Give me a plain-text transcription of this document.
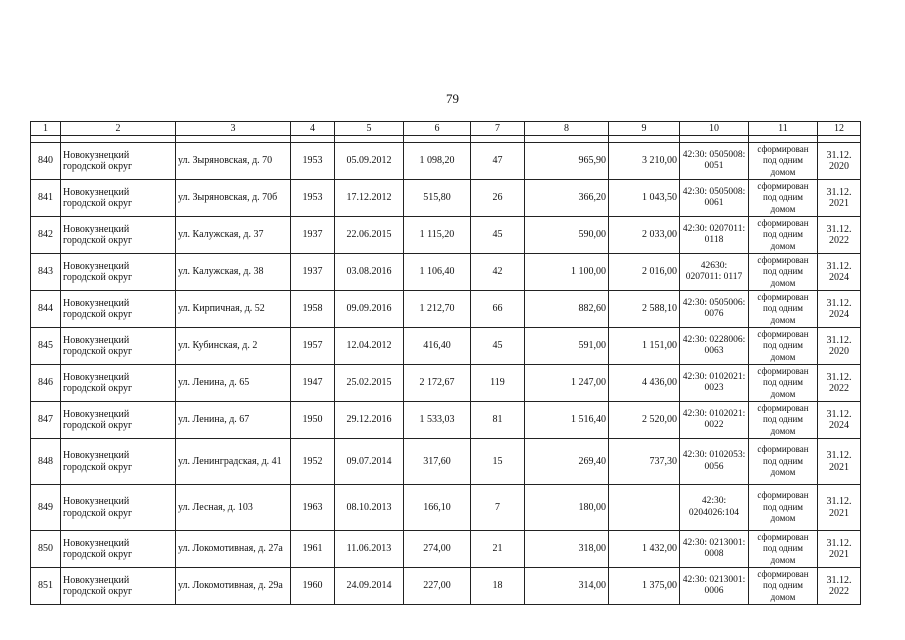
79
1	2	3	4	5	6	7	8	9	10	11	12

840	Новокузнецкий городской округ	ул. Зыряновская, д. 70	1953	05.09.2012	1 098,20	47	965,90	3 210,00	42:30: 0505008: 0051	сформирован под одним домом	31.12. 2020
841	Новокузнецкий городской округ	ул. Зыряновская, д. 70б	1953	17.12.2012	515,80	26	366,20	1 043,50	42:30: 0505008: 0061	сформирован под одним домом	31.12. 2021
842	Новокузнецкий городской округ	ул. Калужская, д. 37	1937	22.06.2015	1 115,20	45	590,00	2 033,00	42:30: 0207011: 0118	сформирован под одним домом	31.12. 2022
843	Новокузнецкий городской округ	ул. Калужская, д. 38	1937	03.08.2016	1 106,40	42	1 100,00	2 016,00	42630: 0207011: 0117	сформирован под одним домом	31.12. 2024
844	Новокузнецкий городской округ	ул. Кирпичная, д. 52	1958	09.09.2016	1 212,70	66	882,60	2 588,10	42:30: 0505006: 0076	сформирован под одним домом	31.12. 2024
845	Новокузнецкий городской округ	ул. Кубинская, д. 2	1957	12.04.2012	416,40	45	591,00	1 151,00	42:30: 0228006: 0063	сформирован под одним домом	31.12. 2020
846	Новокузнецкий городской округ	ул. Ленина, д. 65	1947	25.02.2015	2 172,67	119	1 247,00	4 436,00	42:30: 0102021: 0023	сформирован под одним домом	31.12. 2022
847	Новокузнецкий городской округ	ул. Ленина, д. 67	1950	29.12.2016	1 533,03	81	1 516,40	2 520,00	42:30: 0102021: 0022	сформирован под одним домом	31.12. 2024
848	Новокузнецкий городской округ	ул. Ленинградская, д. 41	1952	09.07.2014	317,60	15	269,40	737,30	42:30: 0102053: 0056	сформирован под одним домом	31.12. 2021
849	Новокузнецкий городской округ	ул. Лесная, д. 103	1963	08.10.2013	166,10	7	180,00		42:30: 0204026:104	сформирован под одним домом	31.12. 2021
850	Новокузнецкий городской округ	ул. Локомотивная, д. 27а	1961	11.06.2013	274,00	21	318,00	1 432,00	42:30: 0213001: 0008	сформирован под одним домом	31.12. 2021
851	Новокузнецкий городской округ	ул. Локомотивная, д. 29а	1960	24.09.2014	227,00	18	314,00	1 375,00	42:30: 0213001: 0006	сформирован под одним домом	31.12. 2022
